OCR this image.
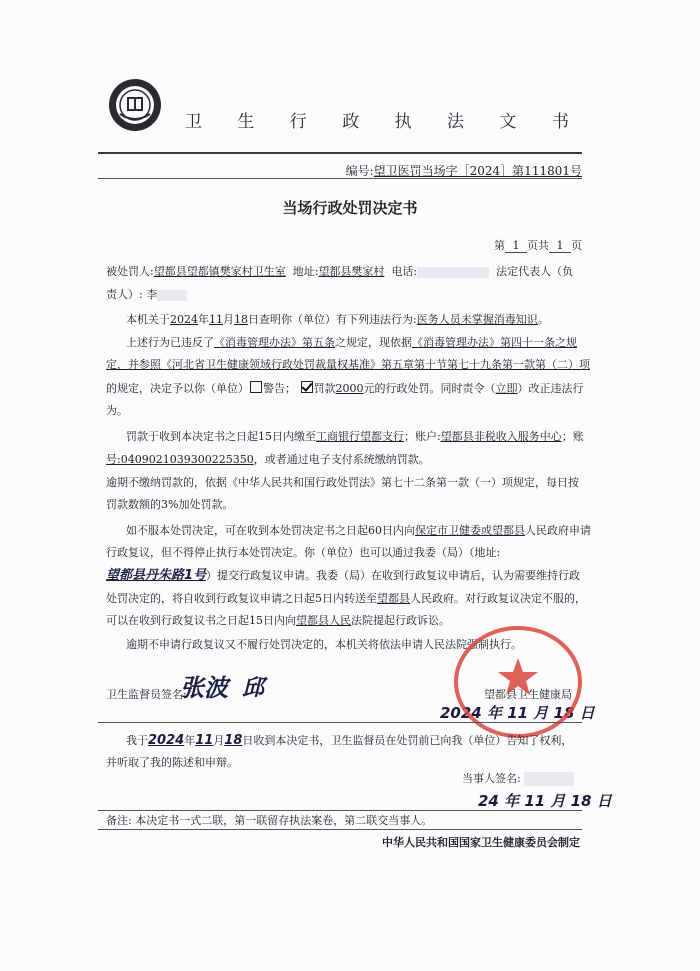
卫 生 行 政 执 法 文 书
编号:望卫医罚当场字［2024］第111801号
当场行政处罚决定书
第 1 页共 1 页
被处罚人:望都县望都镇樊家村卫生室 地址:望都县樊家村 电话:	法定代表人（负
责人）: 李
本机关于2024年11月18日查明你（单位）有下列违法行为:医务人员未掌握消毒知识。
上述行为已违反了《消毒管理办法》第五条之规定，现依据《消毒管理办法》第四十一条之规
定，并参照《河北省卫生健康领域行政处罚裁量权基准》第五章第十节第七十九条第一款第（二）项
的规定，决定予以你（单位） 警告； 罚款2000元的行政处罚。同时责令（立即）改正违法行
为。
罚款于收到本决定书之日起15日内缴至工商银行望都支行；账户:望都县非税收入服务中心；账
号:0409021039300225350，或者通过电子支付系统缴纳罚款。
逾期不缴纳罚款的，依据《中华人民共和国行政处罚法》第七十二条第一款（一）项规定，每日按
罚款数额的3%加处罚款。
如不服本处罚决定，可在收到本处罚决定书之日起60日内向保定市卫健委或望都县人民政府申请
行政复议，但不得停止执行本处罚决定。你（单位）也可以通过我委（局）（地址:
望都县丹朱路1号）提交行政复议申请。我委（局）在收到行政复议申请后，认为需要维持行政
处罚决定的，将自收到行政复议申请之日起5日内转送至望都县人民政府。对行政复议决定不服的，
可以在收到行政复议书之日起15日内向望都县人民法院提起行政诉讼。
逾期不申请行政复议又不履行处罚决定的，本机关将依法申请人民法院强制执行。
卫生监督员签名:
张波 邱	望都县卫生健康局
2024 年 11 月 18 日
我于2024年11月18日收到本决定书，卫生监督员在处罚前已向我（单位）告知了权利，
并听取了我的陈述和申辩。
当事人签名:
24 年 11 月 18 日
备注: 本决定书一式二联，第一联留存执法案卷，第二联交当事人。
中华人民共和国国家卫生健康委员会制定
